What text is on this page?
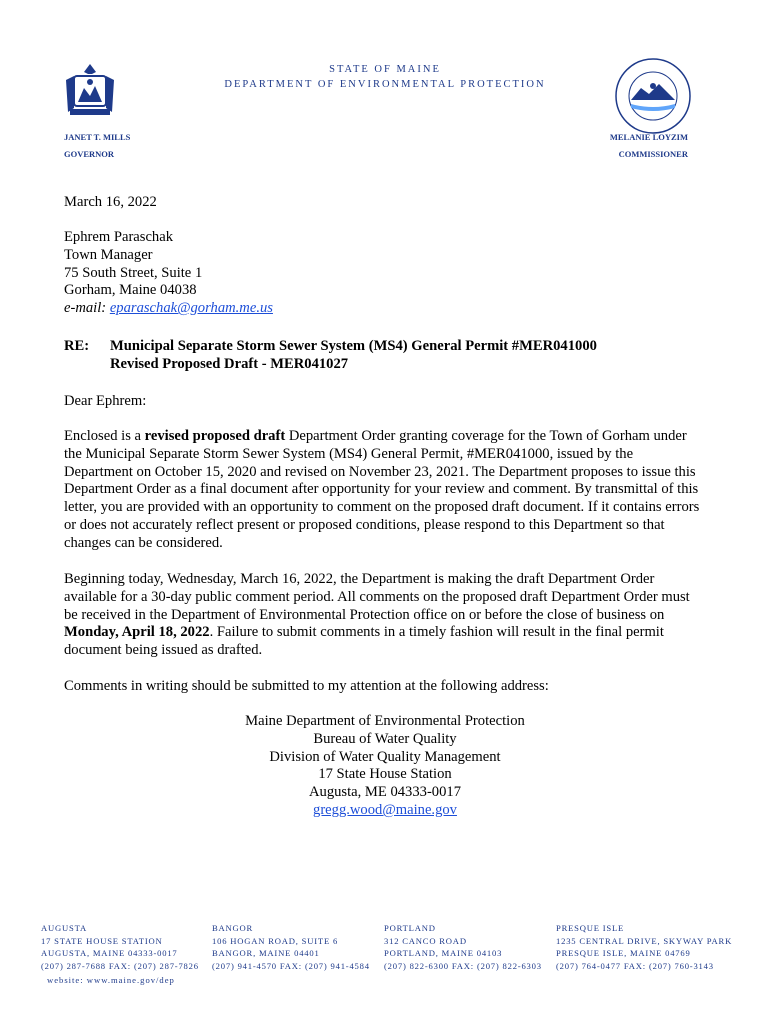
STATE OF MAINE
DEPARTMENT OF ENVIRONMENTAL PROTECTION
JANET T. MILLS
GOVERNOR
MELANIE LOYZIM
COMMISSIONER
March 16, 2022
Ephrem Paraschak
Town Manager
75 South Street, Suite 1
Gorham, Maine 04038
e-mail: eparaschak@gorham.me.us
RE: Municipal Separate Storm Sewer System (MS4) General Permit #MER041000
Revised Proposed Draft - MER041027
Dear Ephrem:
Enclosed is a revised proposed draft Department Order granting coverage for the Town of Gorham under the Municipal Separate Storm Sewer System (MS4) General Permit, #MER041000, issued by the Department on October 15, 2020 and revised on November 23, 2021. The Department proposes to issue this Department Order as a final document after opportunity for your review and comment. By transmittal of this letter, you are provided with an opportunity to comment on the proposed draft document. If it contains errors or does not accurately reflect present or proposed conditions, please respond to this Department so that changes can be considered.
Beginning today, Wednesday, March 16, 2022, the Department is making the draft Department Order available for a 30-day public comment period. All comments on the proposed draft Department Order must be received in the Department of Environmental Protection office on or before the close of business on Monday, April 18, 2022. Failure to submit comments in a timely fashion will result in the final permit document being issued as drafted.
Comments in writing should be submitted to my attention at the following address:
Maine Department of Environmental Protection
Bureau of Water Quality
Division of Water Quality Management
17 State House Station
Augusta, ME 04333-0017
gregg.wood@maine.gov
AUGUSTA
17 STATE HOUSE STATION
AUGUSTA, MAINE 04333-0017
(207) 287-7688 FAX: (207) 287-7826
BANGOR
106 HOGAN ROAD, SUITE 6
BANGOR, MAINE 04401
(207) 941-4570 FAX: (207) 941-4584
PORTLAND
312 CANCO ROAD
PORTLAND, MAINE 04103
(207) 822-6300 FAX: (207) 822-6303
PRESQUE ISLE
1235 CENTRAL DRIVE, SKYWAY PARK
PRESQUE ISLE, MAINE 04769
(207) 764-0477 FAX: (207) 760-3143
website: www.maine.gov/dep
